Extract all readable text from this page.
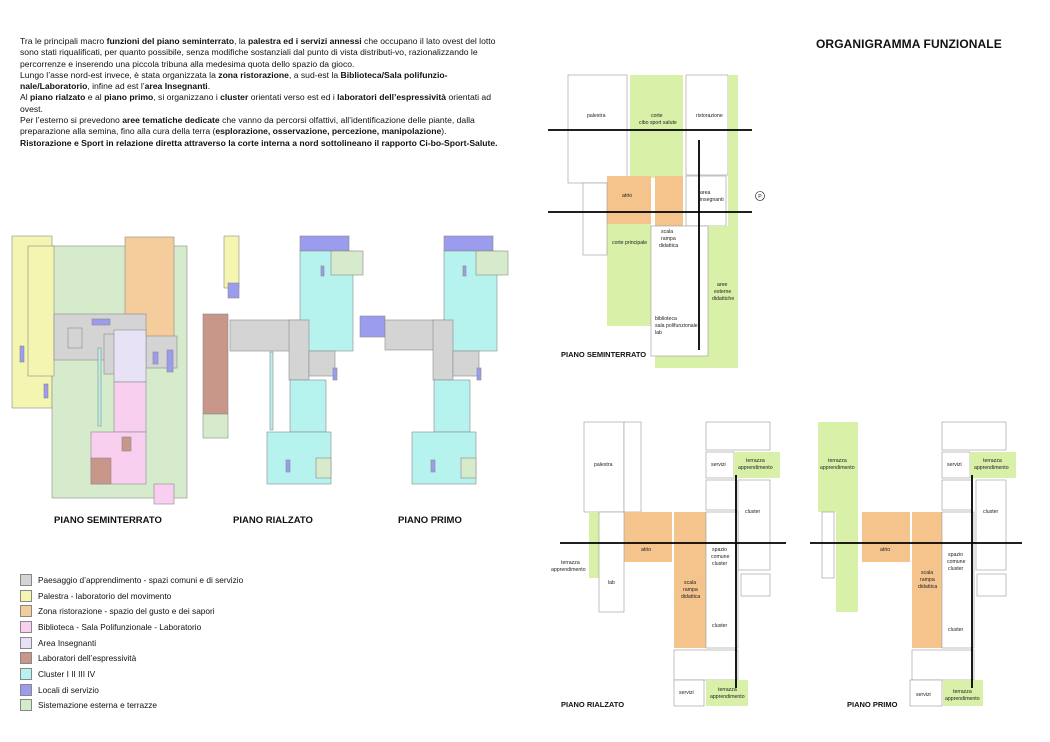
Tra le principali macro funzioni del piano seminterrato, la palestra ed i servizi annessi che occupano il lato ovest del lotto sono stati riqualificati, per quanto possibile, senza modifiche sostanziali dal punto di vista distributi-vo, razionalizzando le percorrenze e inserendo una piccola tribuna alla medesima quota dello spazio da gioco.

Lungo l’asse nord-est invece, è stata organizzata la zona ristorazione, a sud-est la Biblioteca/Sala polifunzio-nale/Laboratorio, infine ad est l’area Insegnanti.

Al piano rialzato e al piano primo, si organizzano i cluster orientati verso est ed i laboratori dell’espressività orientati ad ovest.

Per l’esterno si prevedono aree tematiche dedicate che vanno da percorsi olfattivi, all’identificazione delle piante, dalla preparazione alla semina, fino alla cura della terra (esplorazione, osservazione, percezione, manipolazione).

Ristorazione e Sport in relazione diretta attraverso la corte interna a nord sottolineano il rapporto Ci-bo-Sport-Salute.

ORGANIGRAMMA FUNZIONALE
PIANO SEMINTERRATO	PIANO RIALZATO	PIANO PRIMO
PIANO SEMINTERRATO
PIANO RIALZATO	PIANO PRIMO
P
palestra	corte
cibo sport salute
ristorazione
atrio	area
insegnanti
corte principale
scala
rampa
didattica
aree
esterne
didattiche
biblioteca
sala polifunzionale
lab
palestra	servizi
terrazza
apprendimento
cluster
terrazza
apprendimento
atrio	spazio
comune
cluster
lab	scala
rampa
didattica
cluster
servizi	terrazza
apprendimento
terrazza
apprendimento	servizi
terrazza
apprendimento
cluster
atrio
spazio
comune
cluster
scala
rampa
didattica
cluster
servizi	terrazza
apprendimento
Paesaggio d’apprendimento - spazi comuni e di servizio
Palestra - laboratorio del movimento
Zona ristorazione - spazio del gusto e dei sapori
Biblioteca - Sala Polifunzionale - Laboratorio
Area Insegnanti
Laboratori dell’espressività
Cluster I II III IV
Locali di servizio
Sistemazione esterna e terrazze
